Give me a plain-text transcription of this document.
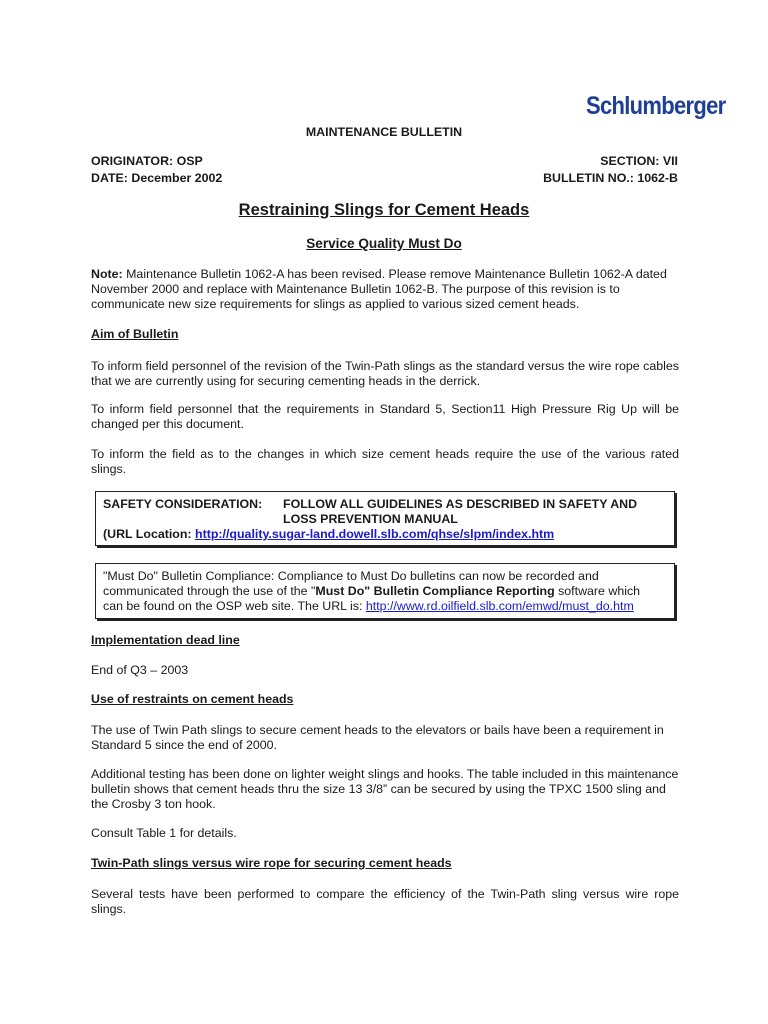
Schlumberger
MAINTENANCE BULLETIN
ORIGINATOR: OSP
DATE: December 2002
SECTION: VII
BULLETIN NO.: 1062-B
Restraining Slings for Cement Heads
Service Quality Must Do
Note: Maintenance Bulletin 1062-A has been revised. Please remove Maintenance Bulletin 1062-A dated November 2000 and replace with Maintenance Bulletin 1062-B. The purpose of this revision is to communicate new size requirements for slings as applied to various sized cement heads.
Aim of Bulletin
To inform field personnel of the revision of the Twin-Path slings as the standard versus the wire rope cables that we are currently using for securing cementing heads in the derrick.
To inform field personnel that the requirements in Standard 5, Section11 High Pressure Rig Up will be changed per this document.
To inform the field as to the changes in which size cement heads require the use of the various rated slings.
SAFETY CONSIDERATION: FOLLOW ALL GUIDELINES AS DESCRIBED IN SAFETY AND
LOSS PREVENTION MANUAL
(URL Location: http://quality.sugar-land.dowell.slb.com/qhse/slpm/index.htm
"Must Do" Bulletin Compliance: Compliance to Must Do bulletins can now be recorded and
communicated through the use of the "Must Do" Bulletin Compliance Reporting software which
can be found on the OSP web site. The URL is: http://www.rd.oilfield.slb.com/emwd/must_do.htm
Implementation dead line
End of Q3 – 2003
Use of restraints on cement heads
The use of Twin Path slings to secure cement heads to the elevators or bails have been a requirement in Standard 5 since the end of 2000.
Additional testing has been done on lighter weight slings and hooks. The table included in this maintenance bulletin shows that cement heads thru the size 13 3/8” can be secured by using the TPXC 1500 sling and the Crosby 3 ton hook.
Consult Table 1 for details.
Twin-Path slings versus wire rope for securing cement heads
Several tests have been performed to compare the efficiency of the Twin-Path sling versus wire rope slings.
